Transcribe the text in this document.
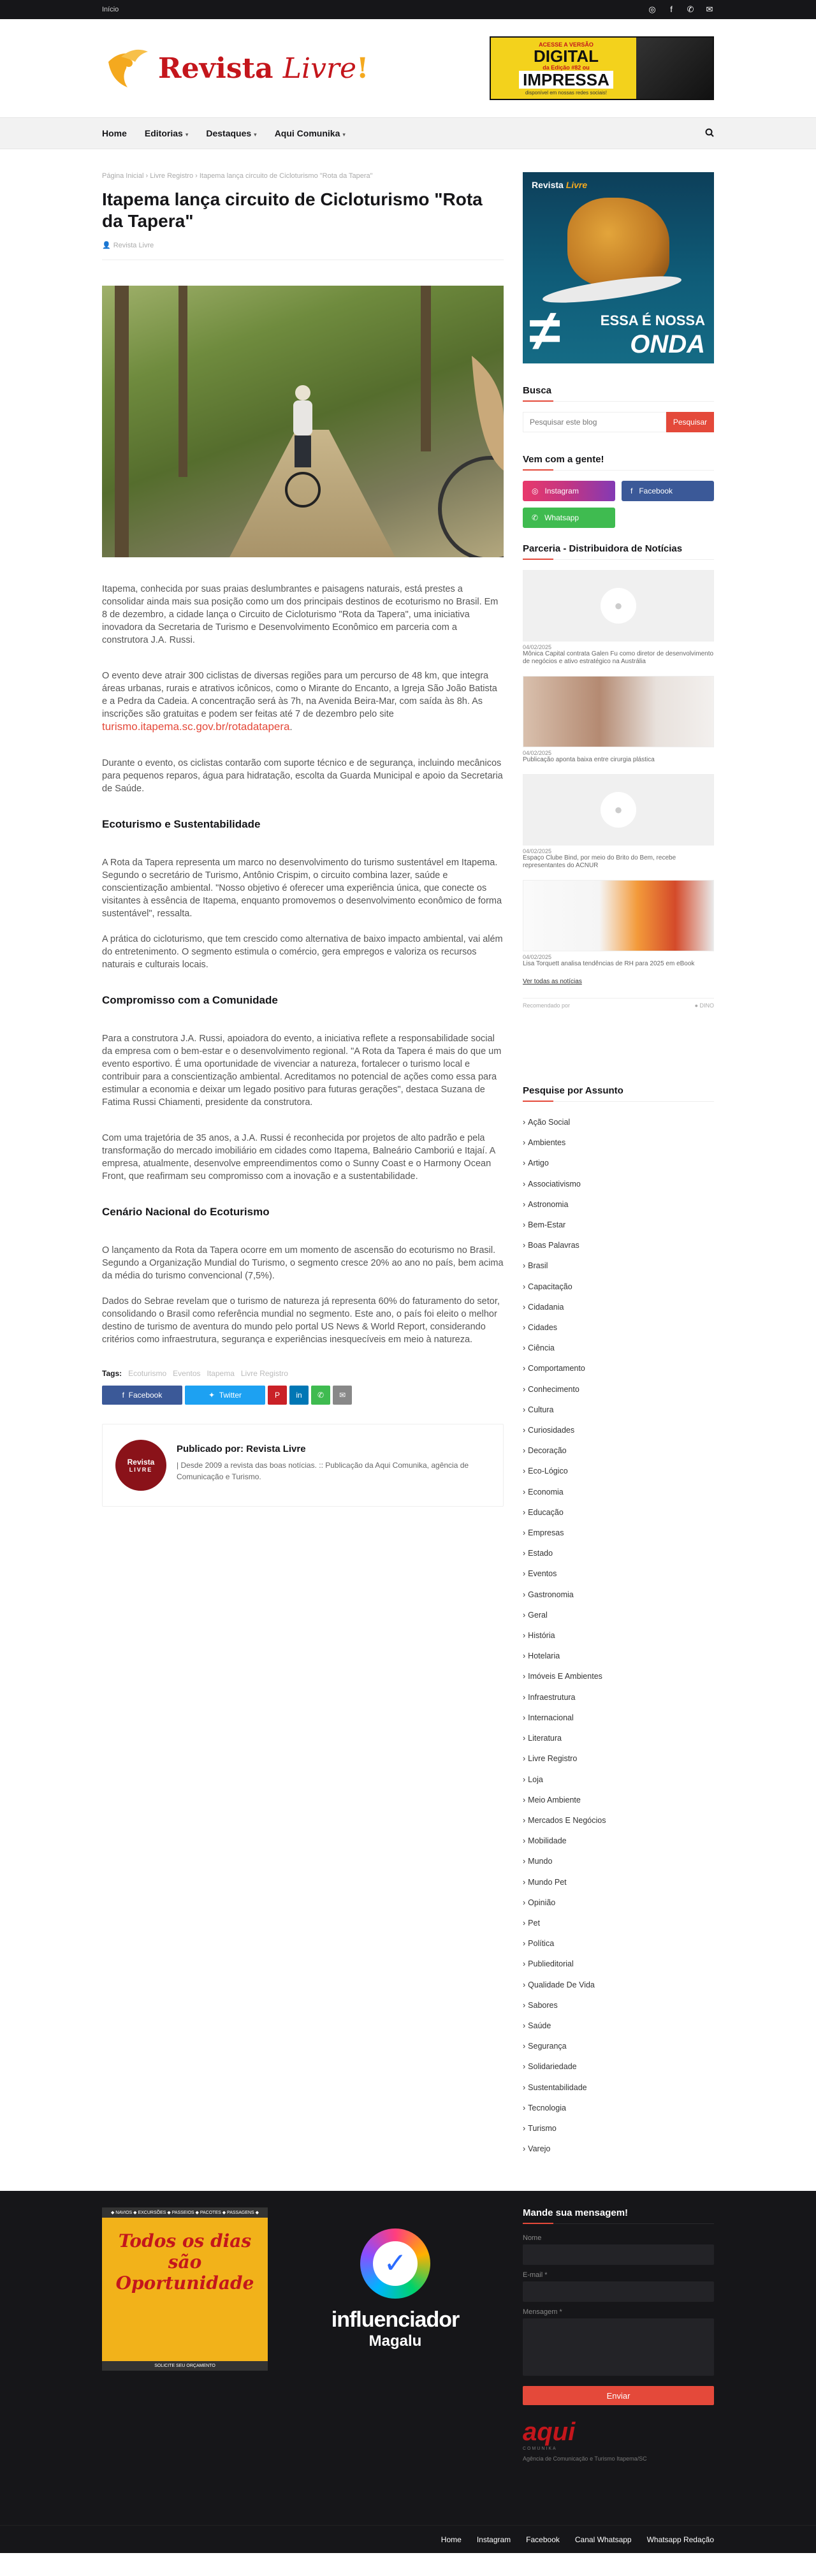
Início	◎	f	✆ ✉
Revista Livre!
ACESSE A VERSÃO
DIGITAL
da Edição #82 ou
IMPRESSA
disponível em nossas redes sociais!
Home Editorias ▾ Destaques ▾ Aqui Comunika ▾
Página Inicial › Livre Registro › Itapema lança circuito de Cicloturismo "Rota da Tapera"
Itapema lança circuito de Cicloturismo "Rota da Tapera"
👤 Revista Livre

Itapema, conhecida por suas praias deslumbrantes e paisagens naturais, está prestes a consolidar ainda mais sua posição como um dos principais destinos de ecoturismo no Brasil. Em 8 de dezembro, a cidade lança o Circuito de Cicloturismo "Rota da Tapera", uma iniciativa inovadora da Secretaria de Turismo e Desenvolvimento Econômico em parceria com a construtora J.A. Russi.

O evento deve atrair 300 ciclistas de diversas regiões para um percurso de 48 km, que integra áreas urbanas, rurais e atrativos icônicos, como o Mirante do Encanto, a Igreja São João Batista e a Pedra da Cadeia. A concentração será às 7h, na Avenida Beira-Mar, com saída às 8h. As inscrições são gratuitas e podem ser feitas até 7 de dezembro pelo site turismo.itapema.sc.gov.br/rotadatapera.

Durante o evento, os ciclistas contarão com suporte técnico e de segurança, incluindo mecânicos para pequenos reparos, água para hidratação, escolta da Guarda Municipal e apoio da Secretaria de Saúde.

Ecoturismo e Sustentabilidade

A Rota da Tapera representa um marco no desenvolvimento do turismo sustentável em Itapema. Segundo o secretário de Turismo, Antônio Crispim, o circuito combina lazer, saúde e conscientização ambiental. "Nosso objetivo é oferecer uma experiência única, que conecte os visitantes à essência de Itapema, enquanto promovemos o desenvolvimento econômico de forma sustentável", ressalta.

A prática do cicloturismo, que tem crescido como alternativa de baixo impacto ambiental, vai além do entretenimento. O segmento estimula o comércio, gera empregos e valoriza os recursos naturais e culturais locais.

Compromisso com a Comunidade

Para a construtora J.A. Russi, apoiadora do evento, a iniciativa reflete a responsabilidade social da empresa com o bem-estar e o desenvolvimento regional. "A Rota da Tapera é mais do que um evento esportivo. É uma oportunidade de vivenciar a natureza, fortalecer o turismo local e contribuir para a conscientização ambiental. Acreditamos no potencial de ações como essa para estimular a economia e deixar um legado positivo para futuras gerações", destaca Suzana de Fatima Russi Chiamenti, presidente da construtora.

Com uma trajetória de 35 anos, a J.A. Russi é reconhecida por projetos de alto padrão e pela transformação do mercado imobiliário em cidades como Itapema, Balneário Camboriú e Itajaí. A empresa, atualmente, desenvolve empreendimentos como o Sunny Coast e o Harmony Ocean Front, que reafirmam seu compromisso com a inovação e a sustentabilidade.

Cenário Nacional do Ecoturismo

O lançamento da Rota da Tapera ocorre em um momento de ascensão do ecoturismo no Brasil. Segundo a Organização Mundial do Turismo, o segmento cresce 20% ao ano no país, bem acima da média do turismo convencional (7,5%).

Dados do Sebrae revelam que o turismo de natureza já representa 60% do faturamento do setor, consolidando o Brasil como referência mundial no segmento. Este ano, o país foi eleito o melhor destino de turismo de aventura do mundo pelo portal US News & World Report, considerando critérios como infraestrutura, segurança e experiências inesquecíveis em meio à natureza.

Tags: Ecoturismo Eventos Itapema Livre Registro
f Facebook	✦ Twitter	P in ✆ ✉
Revista
LIVRE
Publicado por: Revista Livre
| Desde 2009 a revista das boas notícias. :: Publicação da Aqui Comunika, agência de Comunicação e Turismo.
Revista Livre
≠	ESSA É NOSSA
ONDA
Busca
Pesquisar este blog
Pesquisar
Vem com a gente!
◎ Instagram	f Facebook
✆ Whatsapp
Parceria - Distribuidora de Notícias
●
04/02/2025
Mônica Capital contrata Galen Fu como diretor de desenvolvimento de negócios e ativo estratégico na Austrália
04/02/2025
Publicação aponta baixa entre cirurgia plástica
●
04/02/2025
Espaço Clube Bind, por meio do Brito do Bem, recebe representantes do ACNUR
04/02/2025
Lisa Torquett analisa tendências de RH para 2025 em eBook
Ver todas as notícias
Recomendado por	● DINO
Pesquise por Assunto
› Ação Social
› Ambientes
› Artigo
› Associativismo
› Astronomia
› Bem-Estar
› Boas Palavras
› Brasil
› Capacitação
› Cidadania
› Cidades
› Ciência
› Comportamento
› Conhecimento
› Cultura
› Curiosidades
› Decoração
› Eco-Lógico
› Economia
› Educação
› Empresas
› Estado
› Eventos
› Gastronomia
› Geral
› História
› Hotelaria
› Imóveis E Ambientes
› Infraestrutura
› Internacional
› Literatura
› Livre Registro
› Loja
› Meio Ambiente
› Mercados E Negócios
› Mobilidade
› Mundo
› Mundo Pet
› Opinião
› Pet
› Política
› Publieditorial
› Qualidade De Vida
› Sabores
› Saúde
› Segurança
› Solidariedade
› Sustentabilidade
› Tecnologia
› Turismo
› Varejo
◆ NAVIOS ◆ EXCURSÕES ◆ PASSEIOS ◆ PACOTES ◆ PASSAGENS ◆
Todos os dias são Oportunidade
SOLICITE SEU ORÇAMENTO
✓
influenciador
Magalu
Mande sua mensagem!
Nome
E-mail *
Mensagem *
Enviar
aqui
COMUNIKA
Agência de Comunicação e Turismo Itapema/SC
Home Instagram Facebook Canal Whatsapp Whatsapp Redação
